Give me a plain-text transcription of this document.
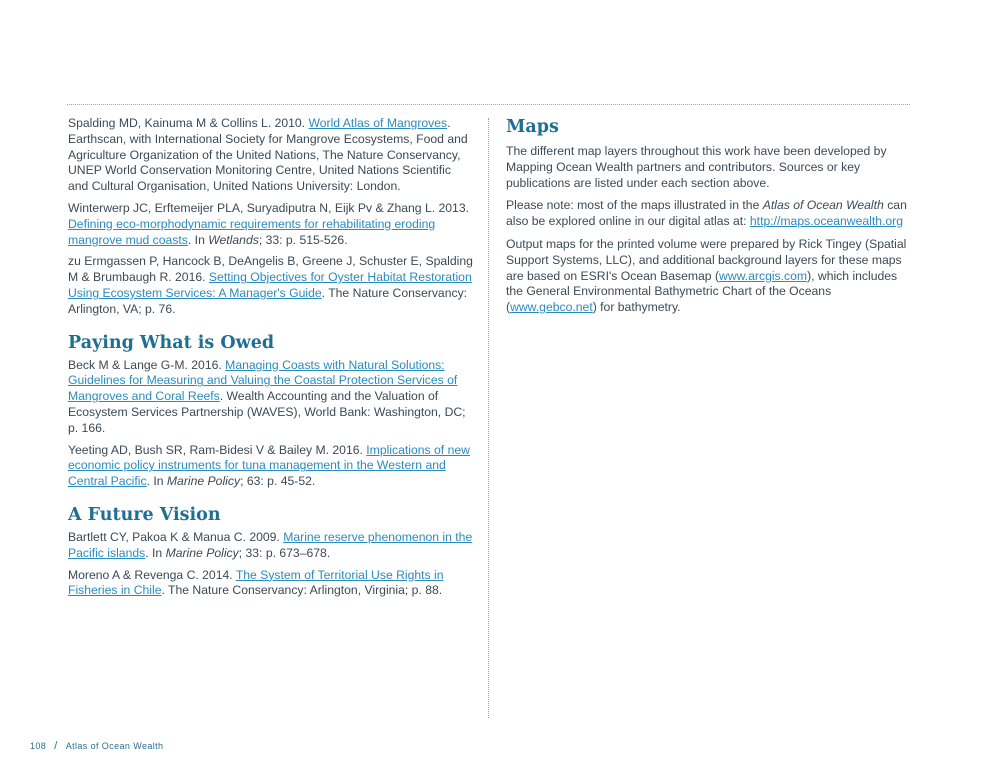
Spalding MD, Kainuma M & Collins L. 2010. World Atlas of Mangroves. Earthscan, with International Society for Mangrove Ecosystems, Food and Agriculture Organization of the United Nations, The Nature Conservancy, UNEP World Conservation Monitoring Centre, United Nations Scientific and Cultural Organisation, United Nations University: London.

Winterwerp JC, Erftemeijer PLA, Suryadiputra N, Eijk Pv & Zhang L. 2013. Defining eco-morphodynamic requirements for rehabilitating eroding mangrove mud coasts. In Wetlands; 33: p. 515-526.

zu Ermgassen P, Hancock B, DeAngelis B, Greene J, Schuster E, Spalding M & Brumbaugh R. 2016. Setting Objectives for Oyster Habitat Restoration Using Ecosystem Services: A Manager's Guide. The Nature Conservancy: Arlington, VA; p. 76.

Paying What is Owed

Beck M & Lange G-M. 2016. Managing Coasts with Natural Solutions: Guidelines for Measuring and Valuing the Coastal Protection Services of Mangroves and Coral Reefs. Wealth Accounting and the Valuation of Ecosystem Services Partnership (WAVES), World Bank: Washington, DC; p. 166.

Yeeting AD, Bush SR, Ram-Bidesi V & Bailey M. 2016. Implications of new economic policy instruments for tuna management in the Western and Central Pacific. In Marine Policy; 63: p. 45-52.

A Future Vision

Bartlett CY, Pakoa K & Manua C. 2009. Marine reserve phenomenon in the Pacific islands. In Marine Policy; 33: p. 673–678.

Moreno A & Revenga C. 2014. The System of Territorial Use Rights in Fisheries in Chile. The Nature Conservancy: Arlington, Virginia; p. 88.

Maps

The different map layers throughout this work have been developed by Mapping Ocean Wealth partners and contributors. Sources or key publications are listed under each section above.

Please note: most of the maps illustrated in the Atlas of Ocean Wealth can also be explored online in our digital atlas at: http://maps.oceanwealth.org

Output maps for the printed volume were prepared by Rick Tingey (Spatial Support Systems, LLC), and additional background layers for these maps are based on ESRI's Ocean Basemap (www.arcgis.com), which includes the General Environmental Bathymetric Chart of the Oceans (www.gebco.net) for bathymetry.

108 / Atlas of Ocean Wealth
